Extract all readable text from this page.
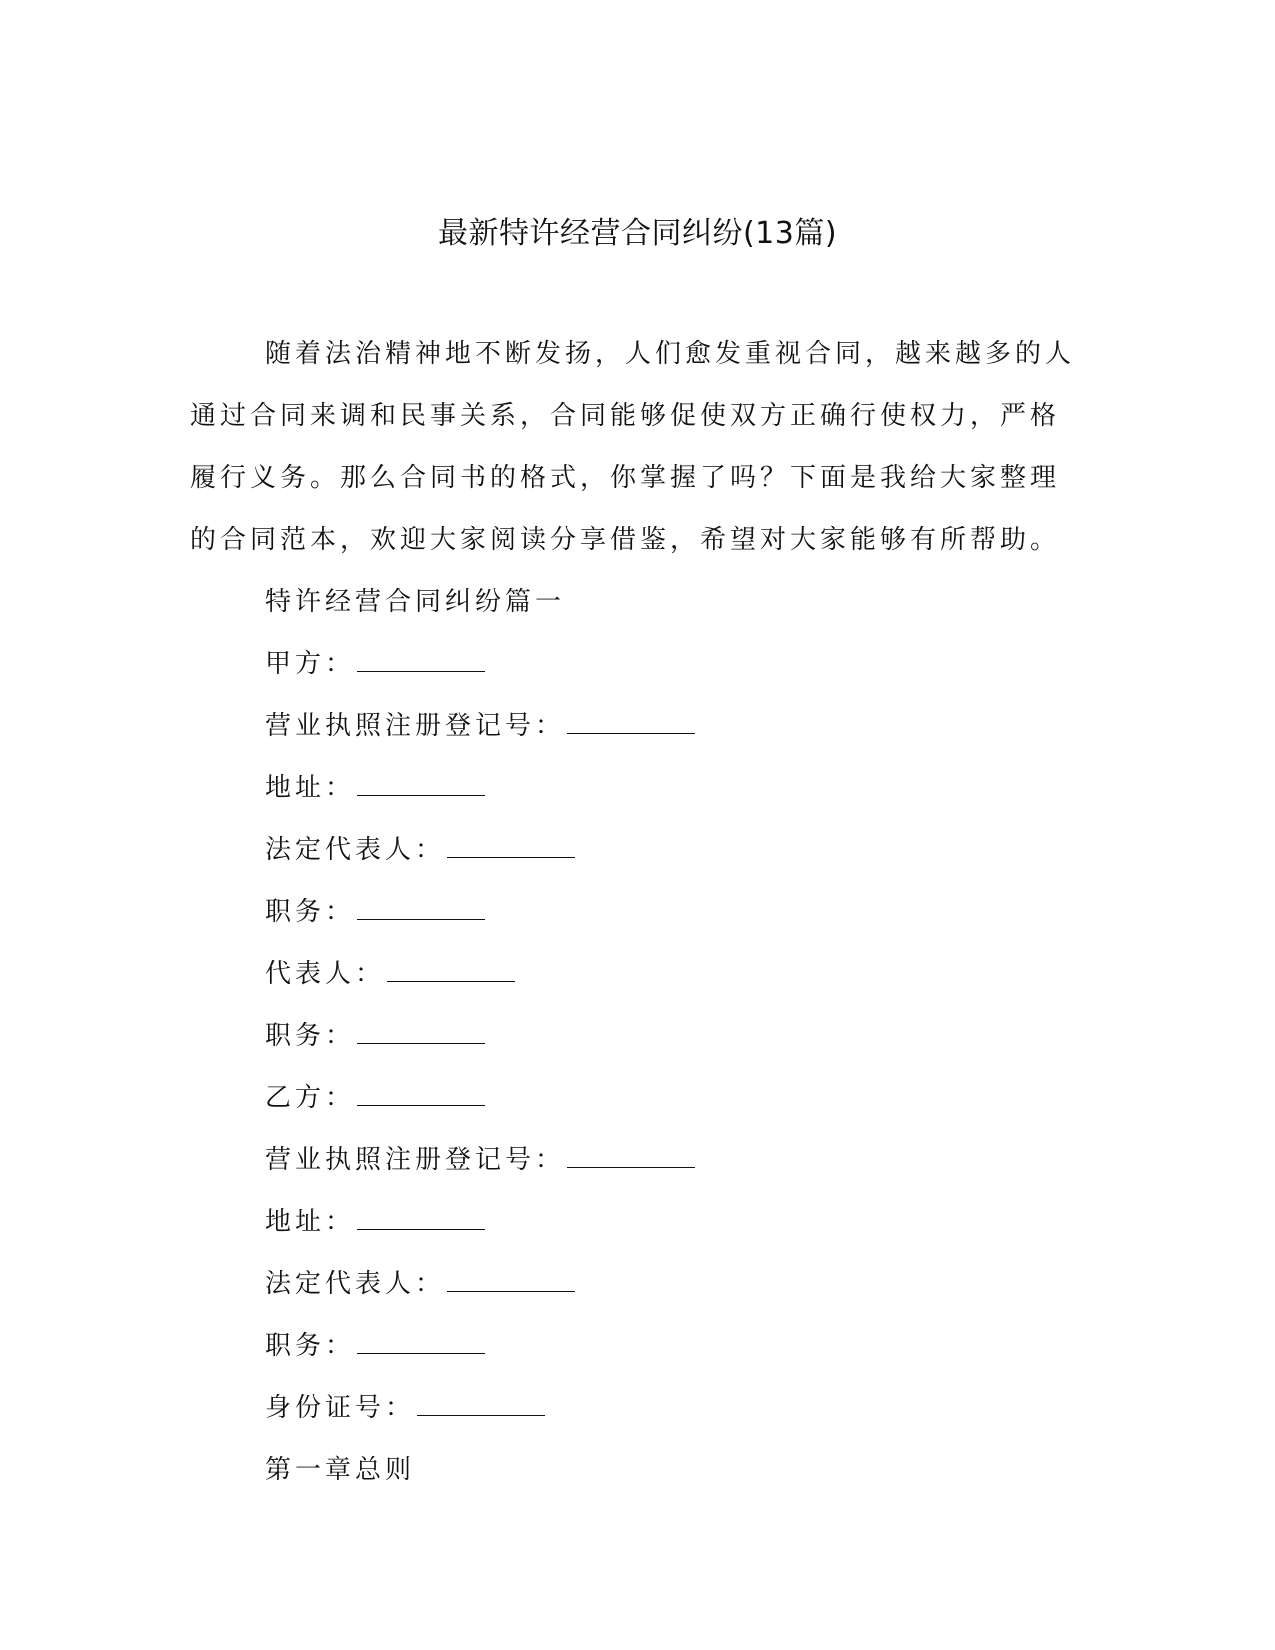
最新特许经营合同纠纷(13篇)

随着法治精神地不断发扬，人们愈发重视合同，越来越多的人通过合同来调和民事关系，合同能够促使双方正确行使权力，严格履行义务。那么合同书的格式，你掌握了吗？下面是我给大家整理的合同范本，欢迎大家阅读分享借鉴，希望对大家能够有所帮助。

特许经营合同纠纷篇一
甲方：
营业执照注册登记号：
地址：
法定代表人：
职务：
代表人：
职务：
乙方：
营业执照注册登记号：
地址：
法定代表人：
职务：
身份证号：
第一章总则
